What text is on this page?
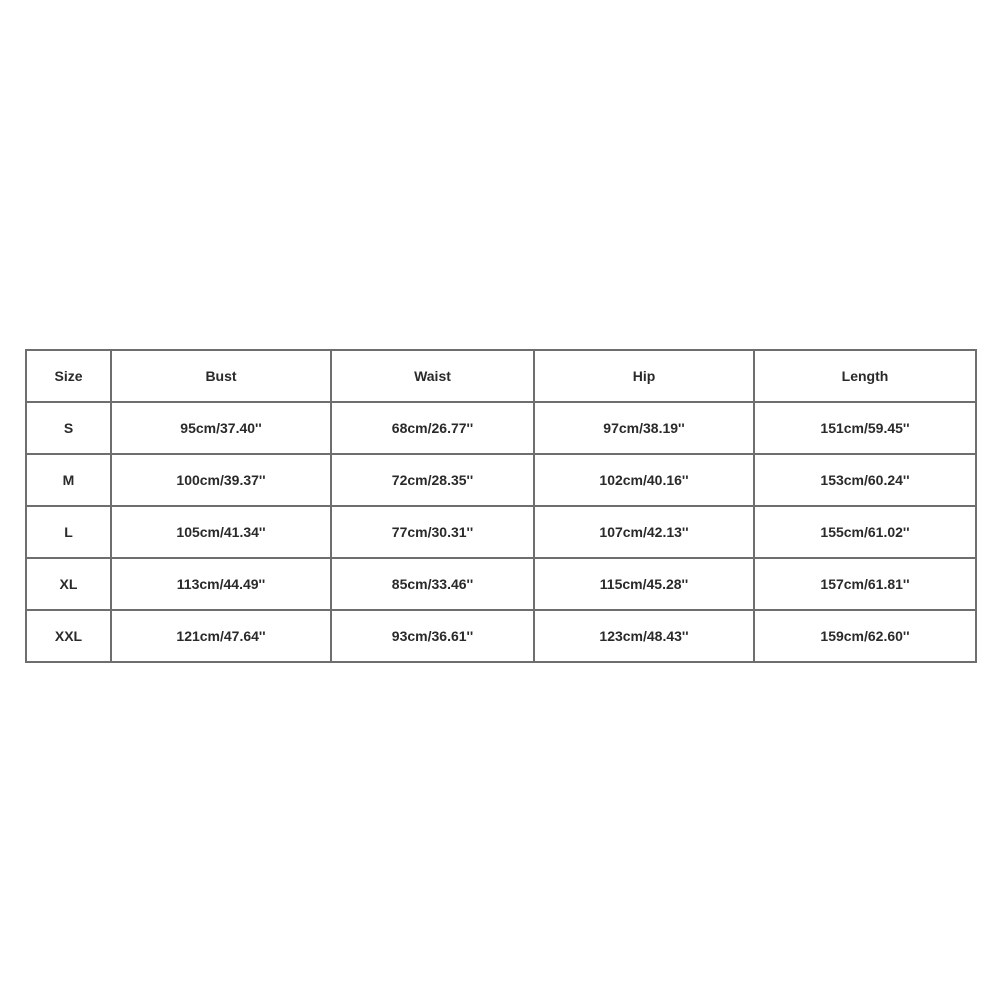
Size	Bust	Waist	Hip	Length
S	95cm/37.40''	68cm/26.77''	97cm/38.19''	151cm/59.45''
M	100cm/39.37''	72cm/28.35''	102cm/40.16''	153cm/60.24''
L	105cm/41.34''	77cm/30.31''	107cm/42.13''	155cm/61.02''
XL	113cm/44.49''	85cm/33.46''	115cm/45.28''	157cm/61.81''
XXL	121cm/47.64''	93cm/36.61''	123cm/48.43''	159cm/62.60''
